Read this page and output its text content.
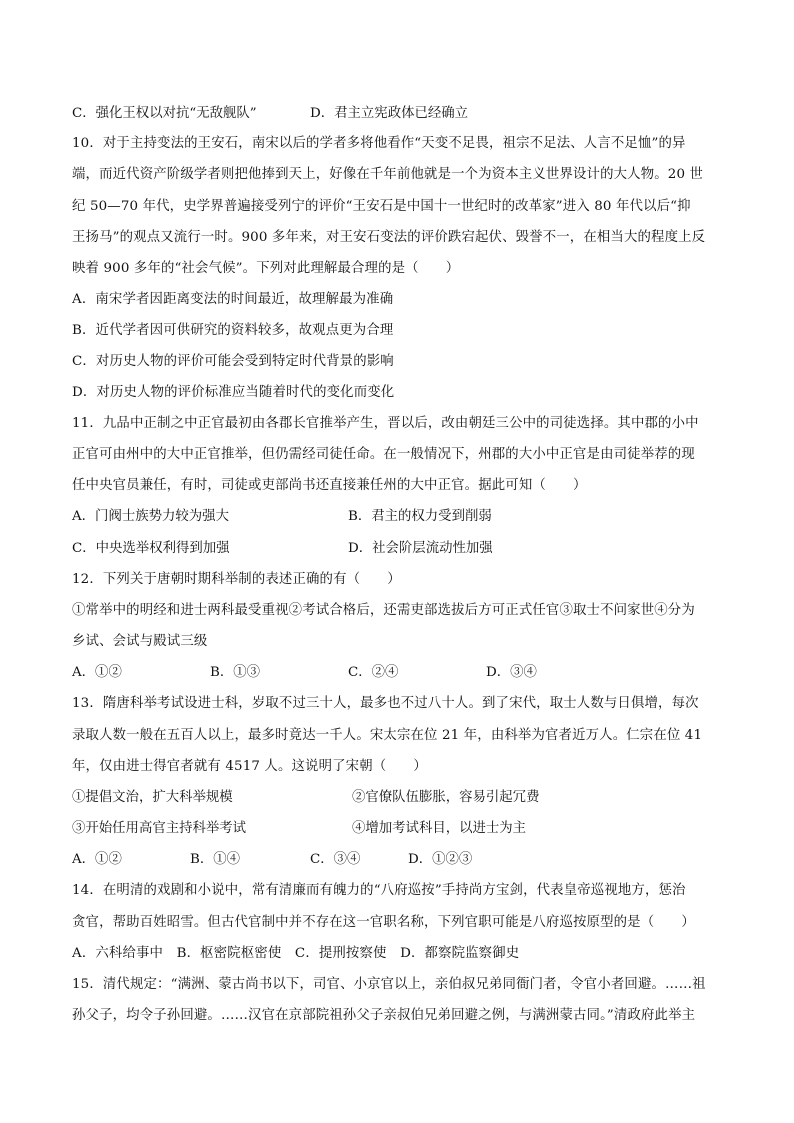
C．强化王权以对抗“无敌舰队”	D．君主立宪政体已经确立
10．对于主持变法的王安石，南宋以后的学者多将他看作“天变不足畏，祖宗不足法、人言不足恤”的异
端，而近代资产阶级学者则把他捧到天上，好像在千年前他就是一个为资本主义世界设计的大人物。20 世
纪 50—70 年代，史学界普遍接受列宁的评价“王安石是中国十一世纪时的改革家”进入 80 年代以后“抑
王扬马”的观点又流行一时。900 多年来，对王安石变法的评价跌宕起伏、毁誉不一，在相当大的程度上反
映着 900 多年的“社会气候”。下列对此理解最合理的是（　　）
A．南宋学者因距离变法的时间最近，故理解最为准确
B．近代学者因可供研究的资料较多，故观点更为合理
C．对历史人物的评价可能会受到特定时代背景的影响
D．对历史人物的评价标准应当随着时代的变化而变化
11．九品中正制之中正官最初由各郡长官推举产生，晋以后，改由朝廷三公中的司徒选择。其中郡的小中
正官可由州中的大中正官推举，但仍需经司徒任命。在一般情况下，州郡的大小中正官是由司徒举荐的现
任中央官员兼任，有时，司徒或吏部尚书还直接兼任州的大中正官。据此可知（　　）
A．门阀士族势力较为强大	B．君主的权力受到削弱
C．中央选举权利得到加强	D．社会阶层流动性加强
12．下列关于唐朝时期科举制的表述正确的有（　　）
①常举中的明经和进士两科最受重视②考试合格后，还需吏部选拔后方可正式任官③取士不问家世④分为
乡试、会试与殿试三级
A．①②	B．①③	C．②④	D．③④
13．隋唐科举考试设进士科，岁取不过三十人，最多也不过八十人。到了宋代，取士人数与日俱增，每次
录取人数一般在五百人以上，最多时竟达一千人。宋太宗在位 21 年，由科举为官者近万人。仁宗在位 41
年，仅由进士得官者就有 4517 人。这说明了宋朝（　　）
①提倡文治，扩大科举规模	②官僚队伍膨胀，容易引起冗费
③开始任用高官主持科举考试	④增加考试科目，以进士为主
A．①②	B．①④	C．③④	D．①②③
14．在明清的戏剧和小说中，常有清廉而有魄力的“八府巡按”手持尚方宝剑，代表皇帝巡视地方，惩治
贪官，帮助百姓昭雪。但古代官制中并不存在这一官职名称，下列官职可能是八府巡按原型的是（　　）
A．六科给事中　B．枢密院枢密使　C．提刑按察使　D．都察院监察御史
15．清代规定：“满洲、蒙古尚书以下，司官、小京官以上，亲伯叔兄弟同衙门者，令官小者回避。……祖
孙父子，均令子孙回避。……汉官在京部院祖孙父子亲叔伯兄弟回避之例，与满洲蒙古同。”清政府此举主
